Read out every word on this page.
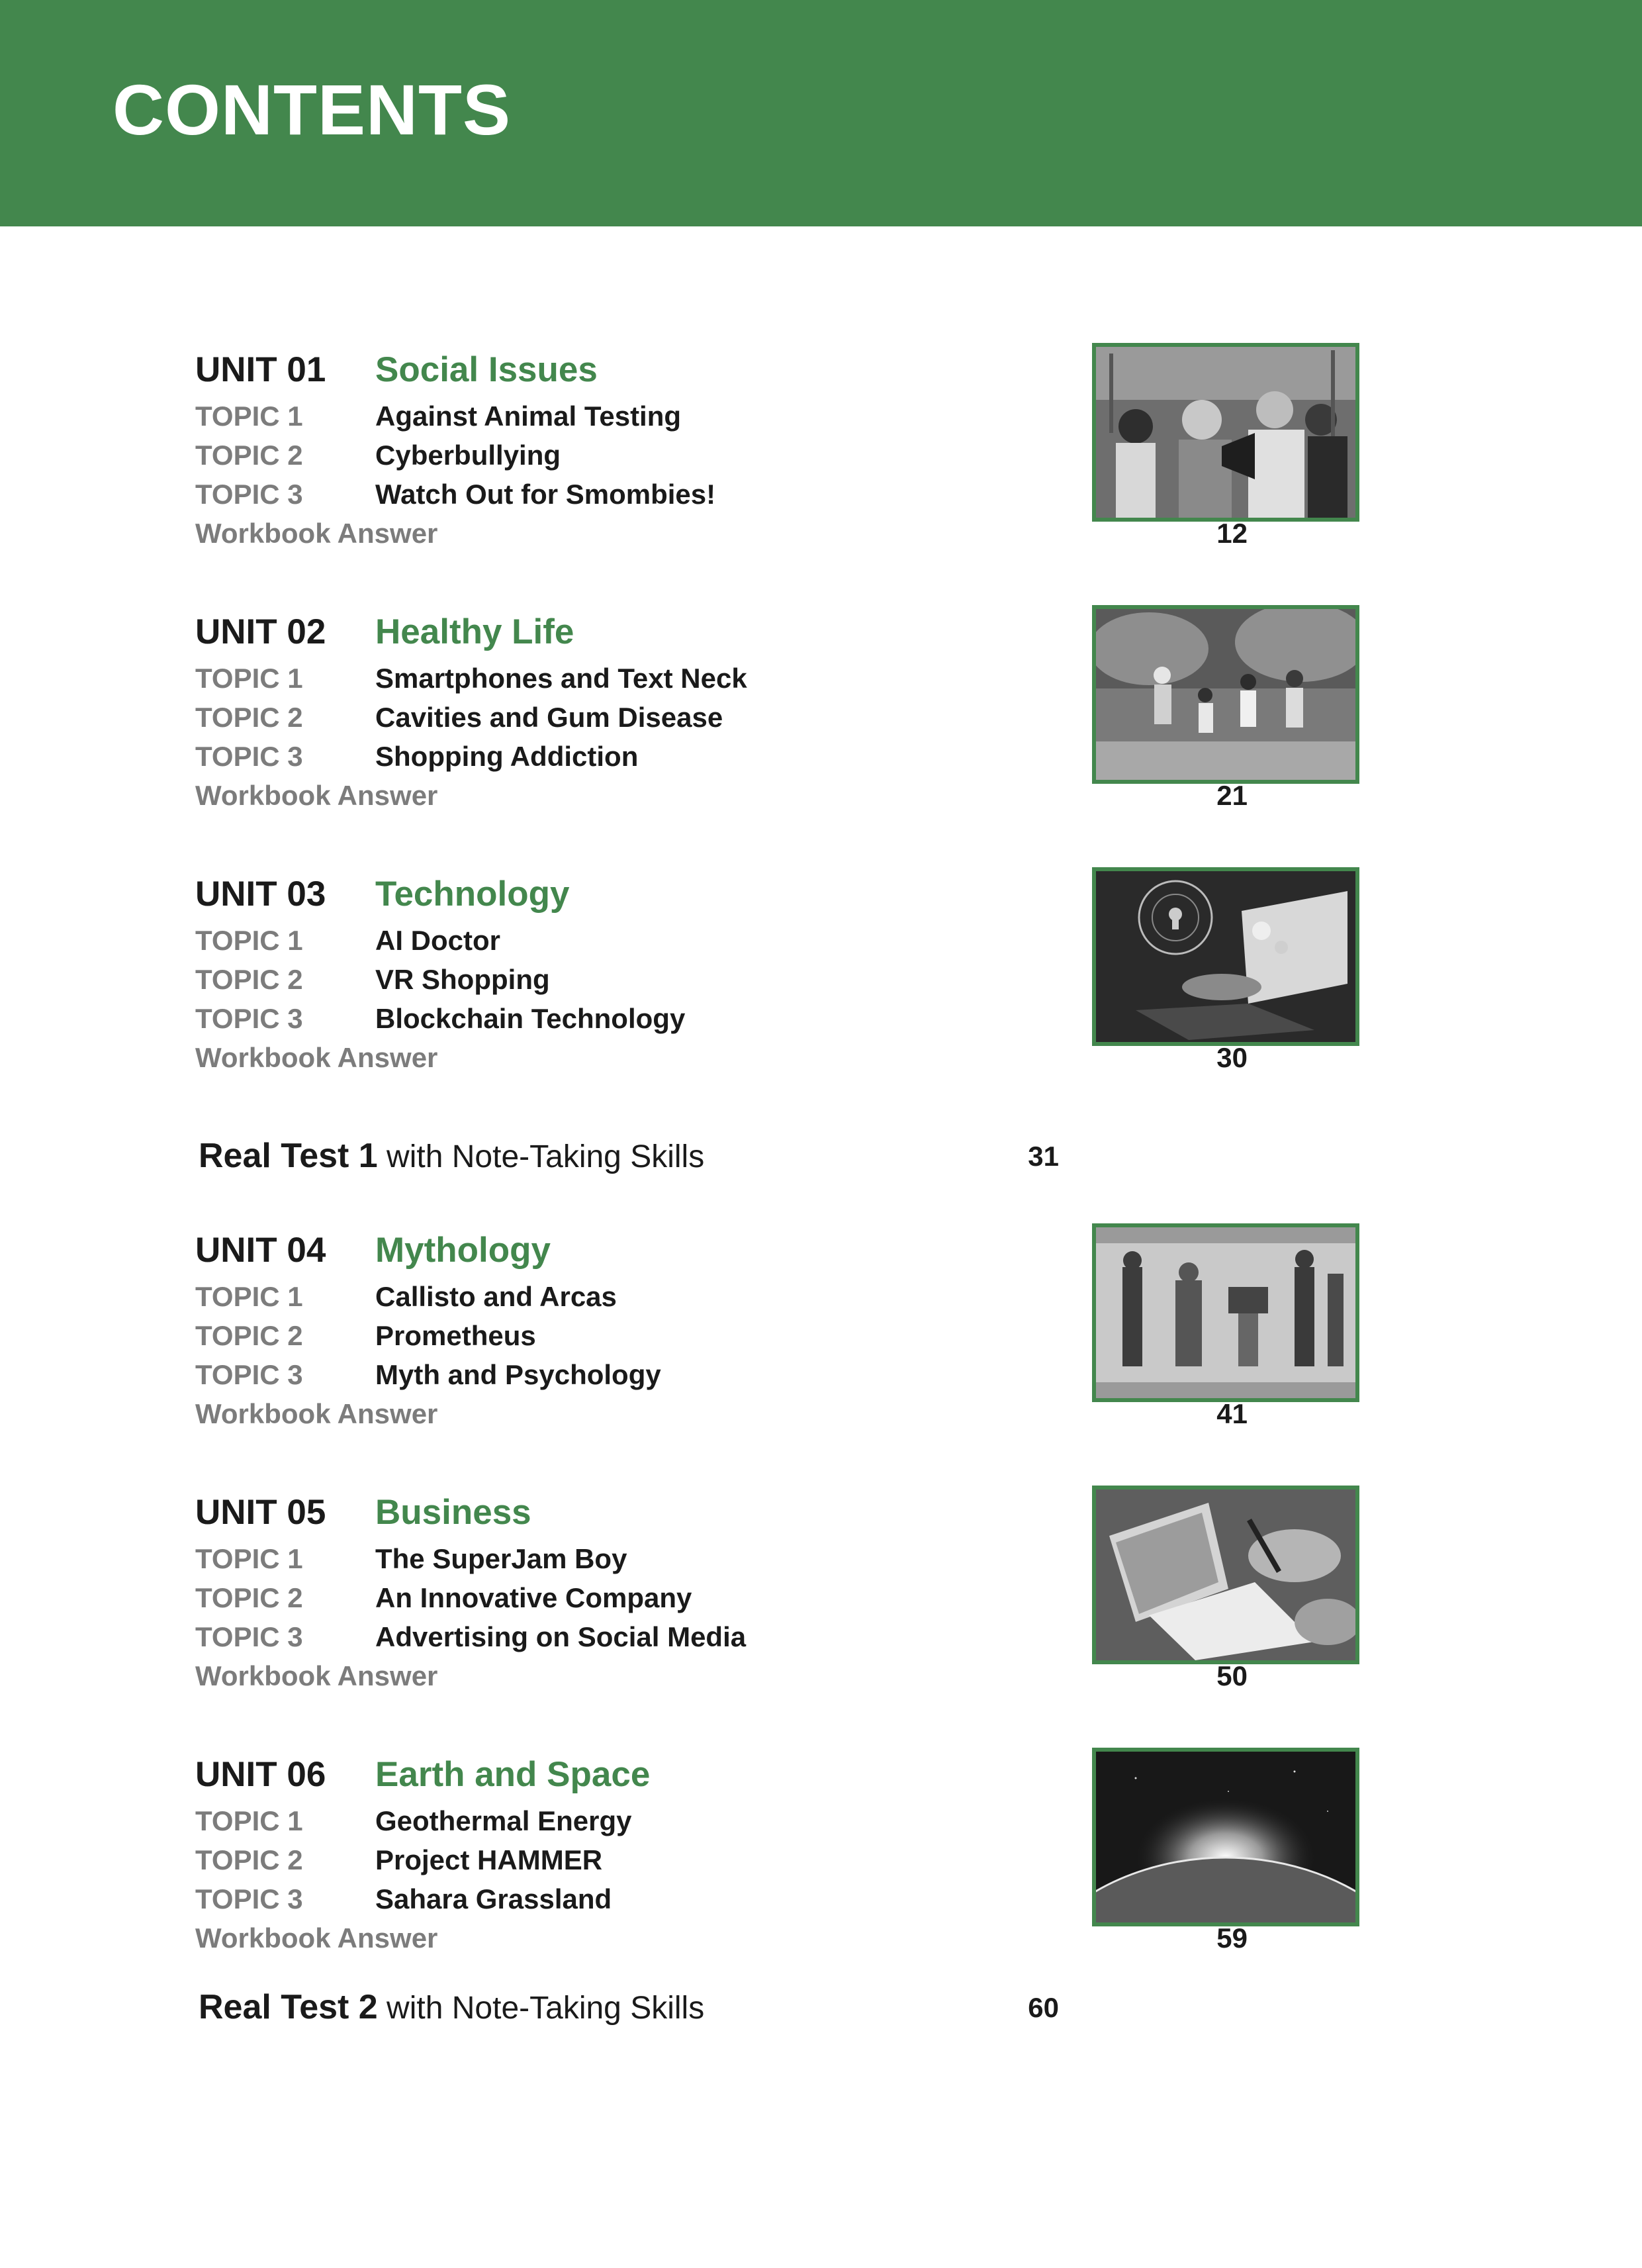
CONTENTS
UNIT 01 Social Issues
TOPIC 1	Against Animal Testing
TOPIC 2	Cyberbullying
TOPIC 3	Watch Out for Smombies!
Workbook Answer	12
UNIT 02 Healthy Life
TOPIC 1	Smartphones and Text Neck
TOPIC 2	Cavities and Gum Disease
TOPIC 3	Shopping Addiction
Workbook Answer	21
UNIT 03 Technology
TOPIC 1	AI Doctor
TOPIC 2	VR Shopping
TOPIC 3	Blockchain Technology
Workbook Answer	30
Real Test 1 with Note-Taking Skills	31
UNIT 04 Mythology
TOPIC 1	Callisto and Arcas
TOPIC 2	Prometheus
TOPIC 3	Myth and Psychology
Workbook Answer	41
UNIT 05 Business
TOPIC 1	The SuperJam Boy
TOPIC 2	An Innovative Company
TOPIC 3	Advertising on Social Media
Workbook Answer	50
UNIT 06 Earth and Space
TOPIC 1	Geothermal Energy
TOPIC 2	Project HAMMER
TOPIC 3	Sahara Grassland
Workbook Answer	59
Real Test 2 with Note-Taking Skills	60
